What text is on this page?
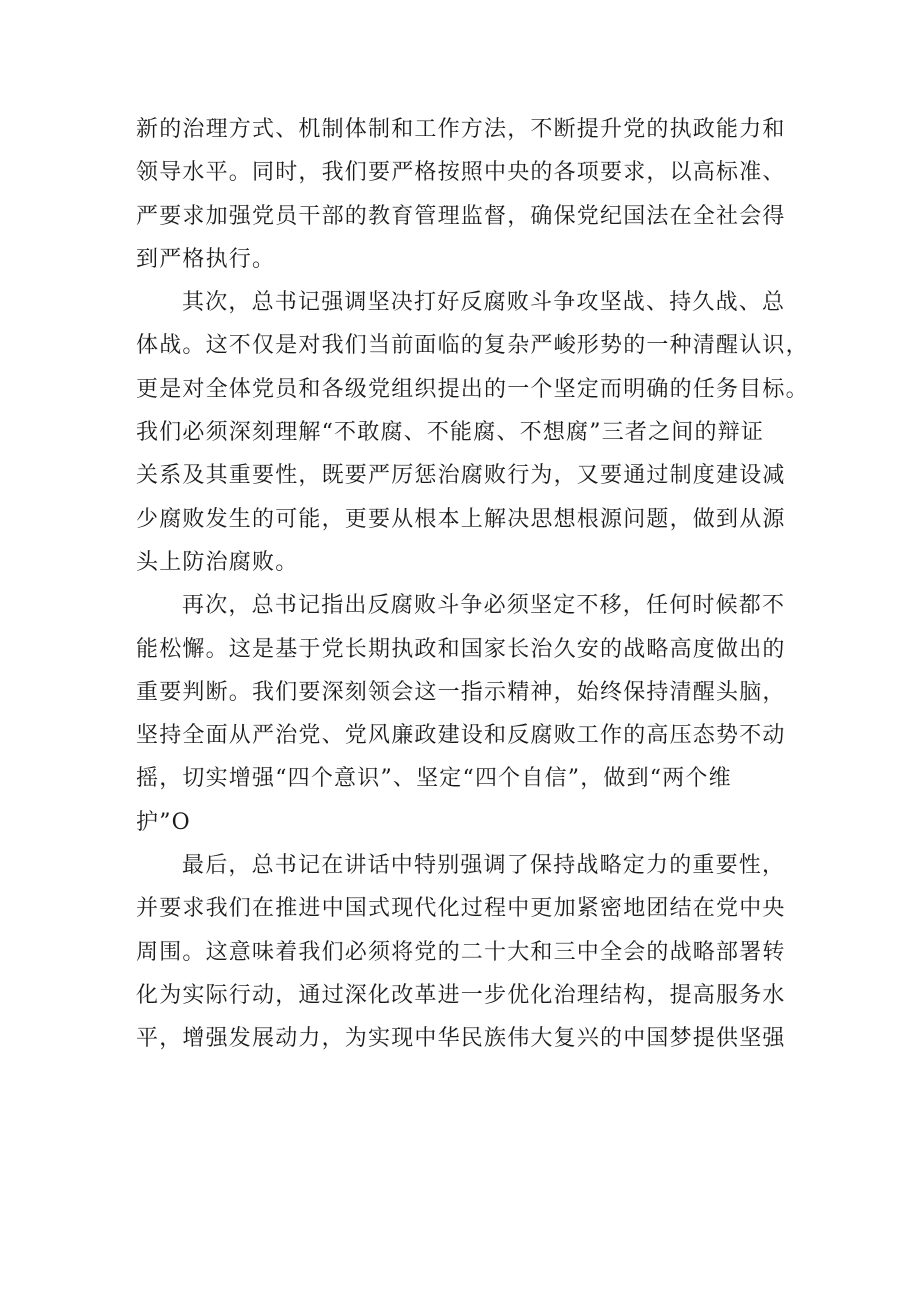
新的治理方式、机制体制和工作方法，不断提升党的执政能力和
领导水平。同时，我们要严格按照中央的各项要求，以高标准、
严要求加强党员干部的教育管理监督，确保党纪国法在全社会得
到严格执行。
其次，总书记强调坚决打好反腐败斗争攻坚战、持久战、总
体战。这不仅是对我们当前面临的复杂严峻形势的一种清醒认识，
更是对全体党员和各级党组织提出的一个坚定而明确的任务目标。
我们必须深刻理解“不敢腐、不能腐、不想腐”三者之间的辩证
关系及其重要性，既要严厉惩治腐败行为，又要通过制度建设减
少腐败发生的可能，更要从根本上解决思想根源问题，做到从源
头上防治腐败。
再次，总书记指出反腐败斗争必须坚定不移，任何时候都不
能松懈。这是基于党长期执政和国家长治久安的战略高度做出的
重要判断。我们要深刻领会这一指示精神，始终保持清醒头脑，
坚持全面从严治党、党风廉政建设和反腐败工作的高压态势不动
摇，切实增强“四个意识”、坚定“四个自信”，做到“两个维
护”O
最后，总书记在讲话中特别强调了保持战略定力的重要性，
并要求我们在推进中国式现代化过程中更加紧密地团结在党中央
周围。这意味着我们必须将党的二十大和三中全会的战略部署转
化为实际行动，通过深化改革进一步优化治理结构，提高服务水
平，增强发展动力，为实现中华民族伟大复兴的中国梦提供坚强
